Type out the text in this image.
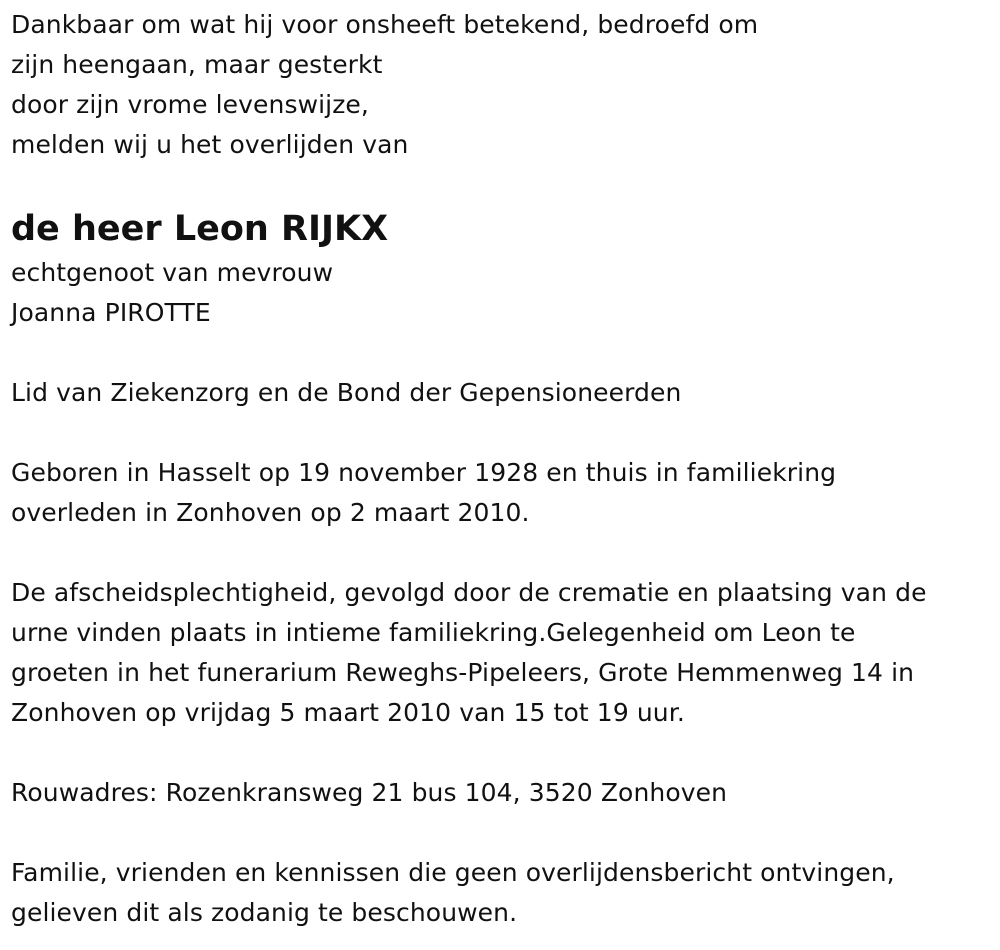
Dankbaar om wat hij voor onsheeft betekend, bedroefd om
zijn heengaan, maar gesterkt
door zijn vrome levenswijze,
melden wij u het overlijden van
de heer Leon RIJKX
echtgenoot van mevrouw
Joanna PIROTTE
Lid van Ziekenzorg en de Bond der Gepensioneerden
Geboren in Hasselt op 19 november 1928 en thuis in familiekring
overleden in Zonhoven op 2 maart 2010.
De afscheidsplechtigheid, gevolgd door de crematie en plaatsing van de
urne vinden plaats in intieme familiekring.Gelegenheid om Leon te
groeten in het funerarium Reweghs-Pipeleers, Grote Hemmenweg 14 in
Zonhoven op vrijdag 5 maart 2010 van 15 tot 19 uur.
Rouwadres: Rozenkransweg 21 bus 104, 3520 Zonhoven
Familie, vrienden en kennissen die geen overlijdensbericht ontvingen,
gelieven dit als zodanig te beschouwen.
